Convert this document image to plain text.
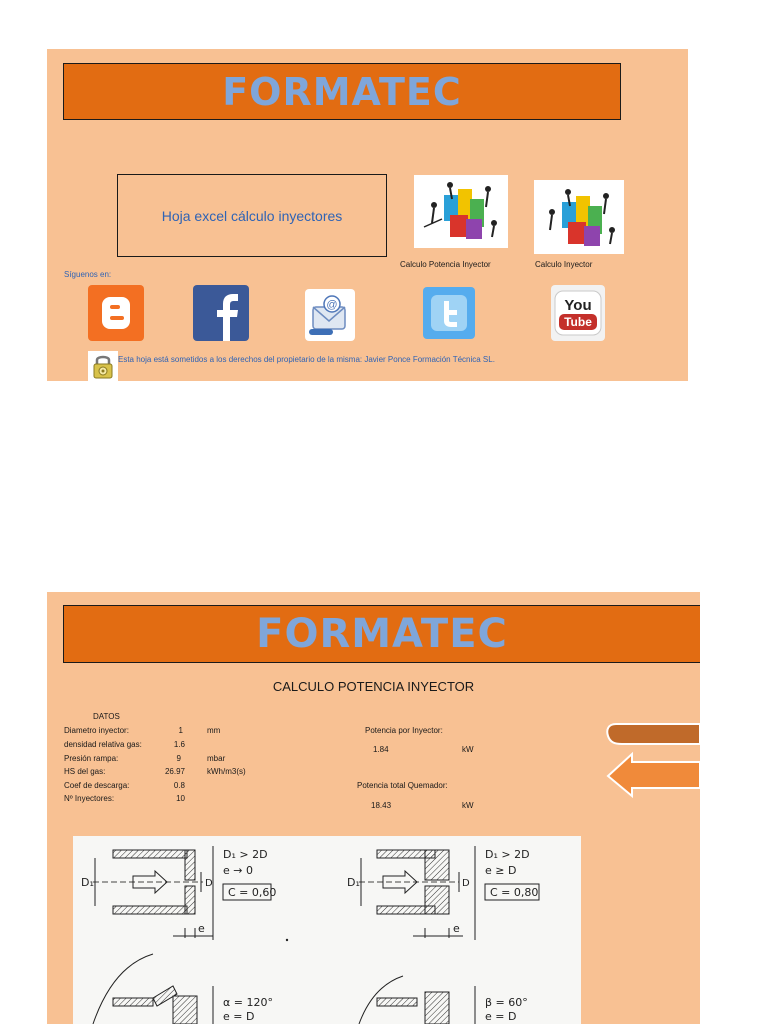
FORMATEC
Hoja excel cálculo inyectores
Calculo Potencia Inyector	Calculo Inyector
Síguenos en:
@	You
Tube
Esta hoja está sometidos a los derechos del propietario de la misma: Javier Ponce Formación Técnica SL.
FORMATEC
CALCULO POTENCIA INYECTOR
DATOS
Diametro inyector:	1	mm
densidad relativa gas:	1.6
Presión rampa:	9	mbar
HS del gas:	26.97	kWh/m3(s)
Coef de descarga:	0.8
Nº Inyectores:	10
Potencia por Inyector:
1.84	kW
Potencia total Quemador:
18.43	kW
D₁	D
e
D₁ > 2D
e → 0
C = 0,60
D₁	D
e
D₁ > 2D
e ≥ D
C = 0,80
α = 120°
e = D
β = 60°
e = D
